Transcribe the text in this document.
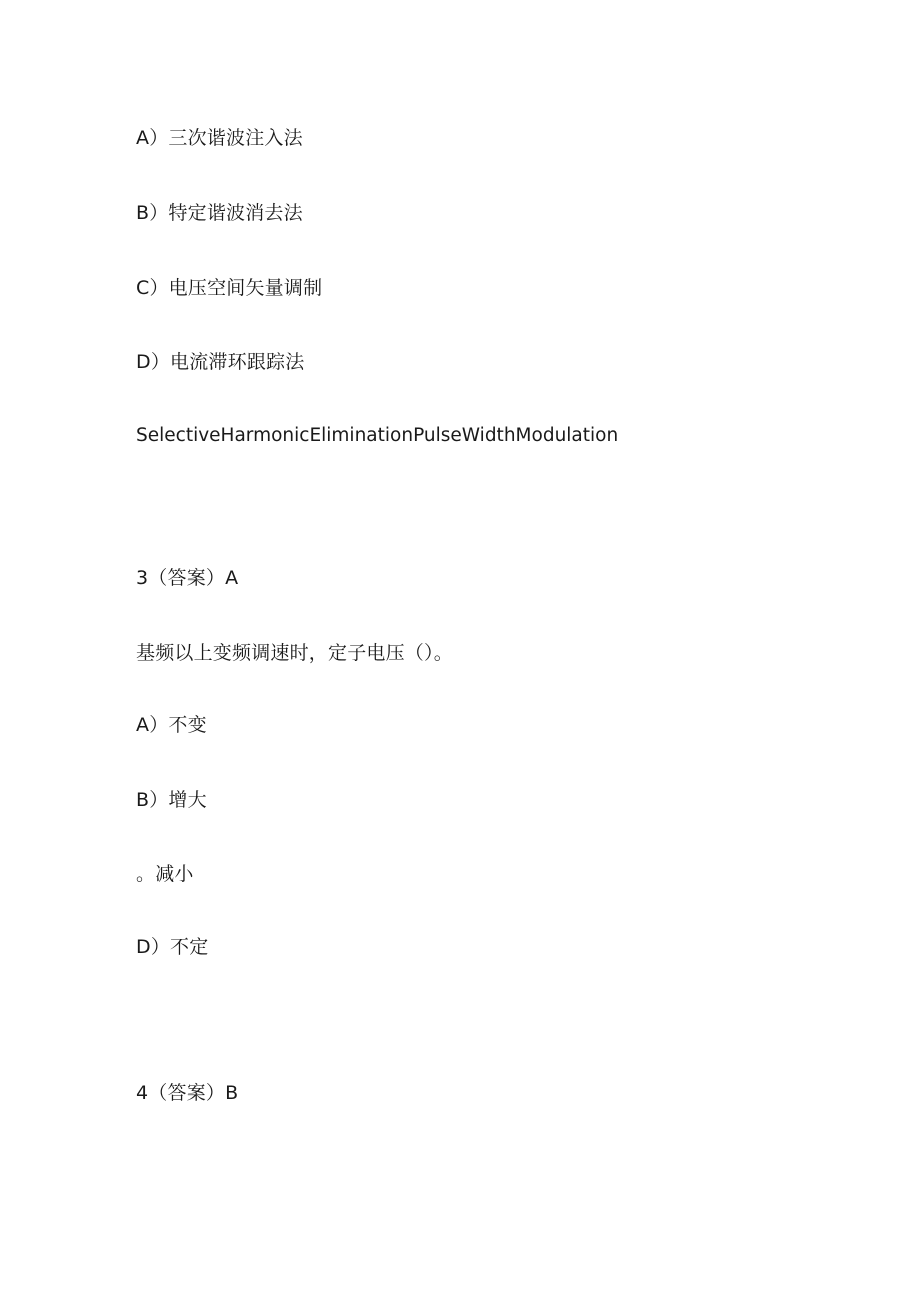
A）三次谐波注入法
B）特定谐波消去法
C）电压空间矢量调制
D）电流滞环跟踪法
SelectiveHarmonicEliminationPulseWidthModulation
3（答案）A
基频以上变频调速时，定子电压（）。
A）不变
B）增大
。减小
D）不定
4（答案）B
